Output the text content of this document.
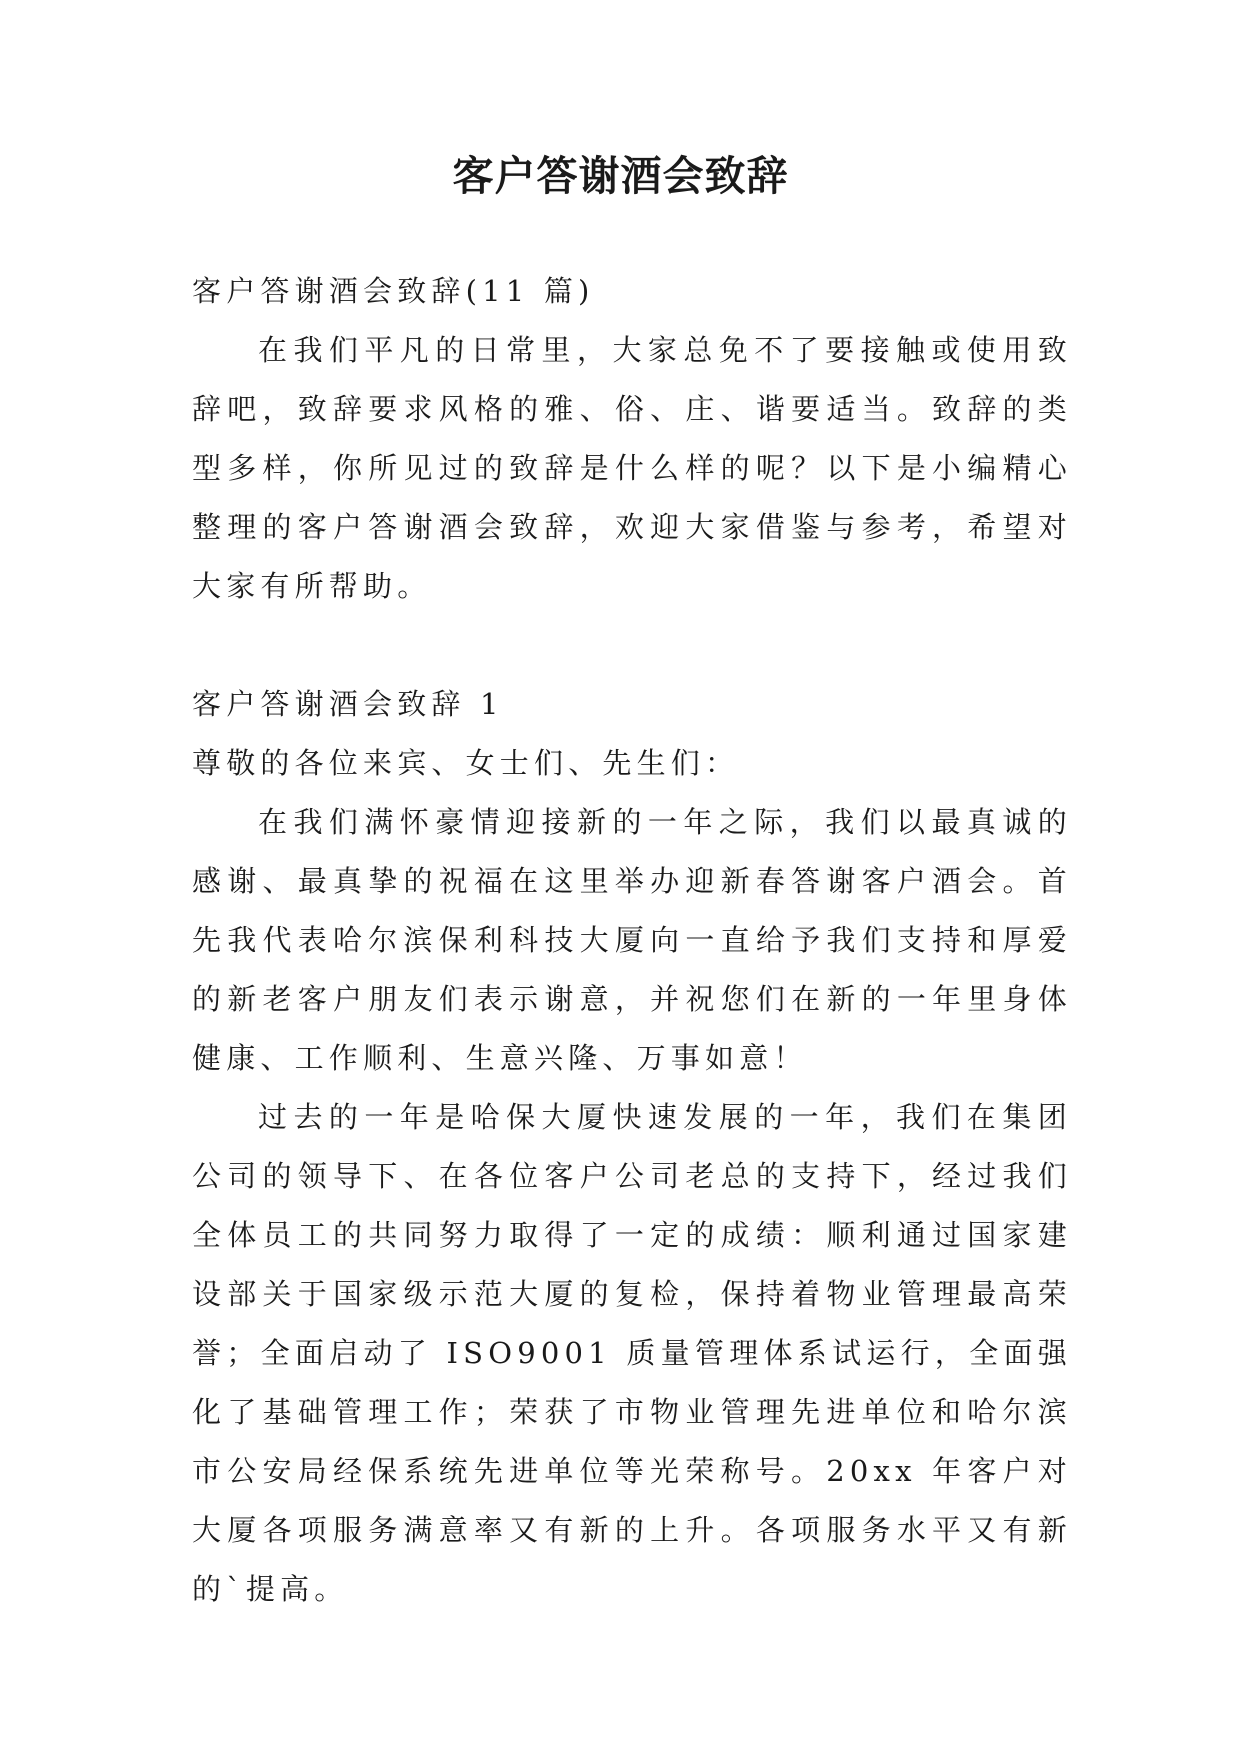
客户答谢酒会致辞

客户答谢酒会致辞(11 篇)

在我们平凡的日常里，大家总免不了要接触或使用致辞吧，致辞要求风格的雅、俗、庄、谐要适当。致辞的类型多样，你所见过的致辞是什么样的呢？以下是小编精心整理的客户答谢酒会致辞，欢迎大家借鉴与参考，希望对大家有所帮助。

客户答谢酒会致辞 1

尊敬的各位来宾、女士们、先生们：

在我们满怀豪情迎接新的一年之际，我们以最真诚的感谢、最真挚的祝福在这里举办迎新春答谢客户酒会。首先我代表哈尔滨保利科技大厦向一直给予我们支持和厚爱的新老客户朋友们表示谢意，并祝您们在新的一年里身体健康、工作顺利、生意兴隆、万事如意！

过去的一年是哈保大厦快速发展的一年，我们在集团公司的领导下、在各位客户公司老总的支持下，经过我们全体员工的共同努力取得了一定的成绩：顺利通过国家建设部关于国家级示范大厦的复检，保持着物业管理最高荣誉；全面启动了 ISO9001 质量管理体系试运行，全面强化了基础管理工作；荣获了市物业管理先进单位和哈尔滨市公安局经保系统先进单位等光荣称号。20xx 年客户对大厦各项服务满意率又有新的上升。各项服务水平又有新的`提高。
